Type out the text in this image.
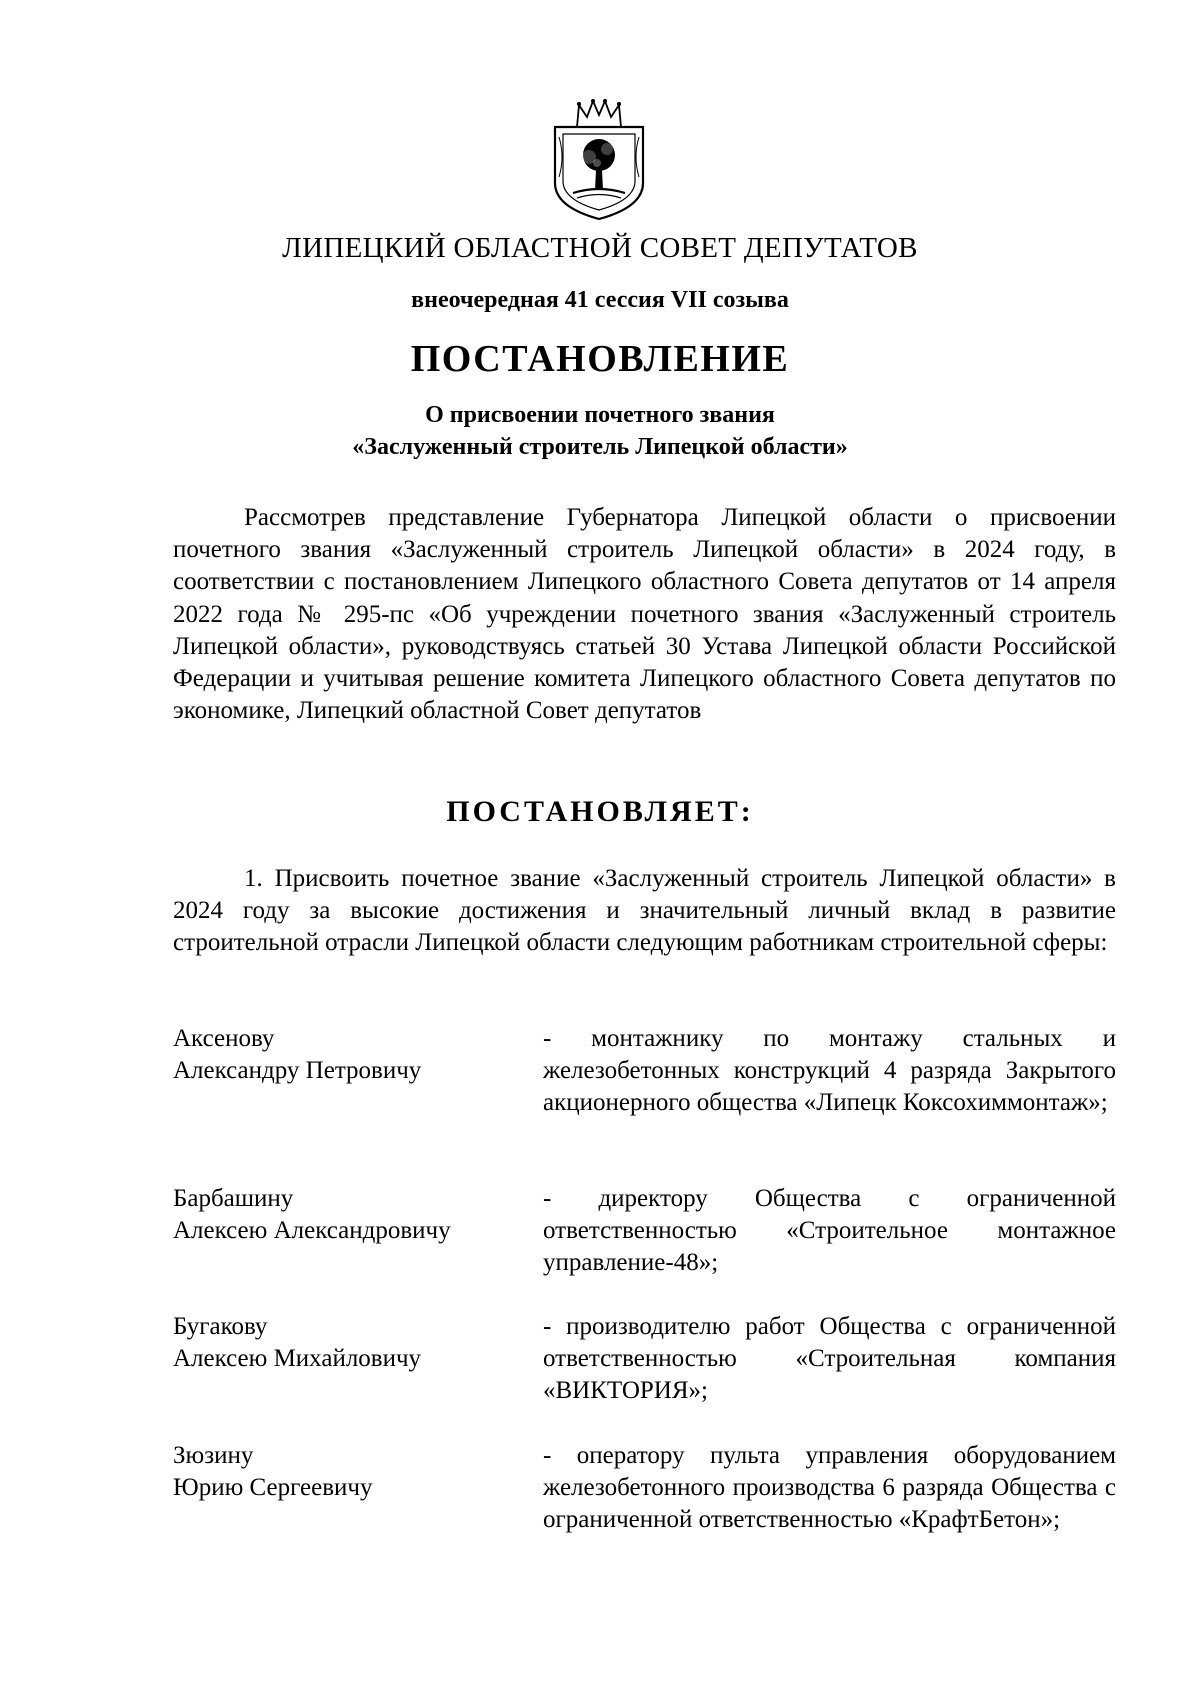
ЛИПЕЦКИЙ ОБЛАСТНОЙ СОВЕТ ДЕПУТАТОВ
внеочередная 41 сессия VII созыва
ПОСТАНОВЛЕНИЕ
О присвоении почетного звания
«Заслуженный строитель Липецкой области»

Рассмотрев представление Губернатора Липецкой области о присвоении почетного звания «Заслуженный строитель Липецкой области» в 2024 году, в соответствии с постановлением Липецкого областного Совета депутатов от 14 апреля 2022 года № 295-пс «Об учреждении почетного звания «Заслуженный строитель Липецкой области», руководствуясь статьей 30 Устава Липецкой области Российской Федерации и учитывая решение комитета Липецкого областного Совета депутатов по экономике, Липецкий областной Совет депутатов

ПОСТАНОВЛЯЕТ:

1. Присвоить почетное звание «Заслуженный строитель Липецкой области» в 2024 году за высокие достижения и значительный личный вклад в развитие строительной отрасли Липецкой области следующим работникам строительной сферы:

Аксенову
Александру Петровичу

- монтажнику по монтажу стальных и железобетонных конструкций 4 разряда Закрытого акционерного общества «Липецк Коксохиммонтаж»;

Барбашину
Алексею Александровичу

- директору Общества с ограниченной ответственностью «Строительное монтажное управление-48»;

Бугакову
Алексею Михайловичу

- производителю работ Общества с ограниченной ответственностью «Строительная компания «ВИКТОРИЯ»;

Зюзину
Юрию Сергеевичу

- оператору пульта управления оборудованием железобетонного производства 6 разряда Общества с ограниченной ответственностью «КрафтБетон»;
